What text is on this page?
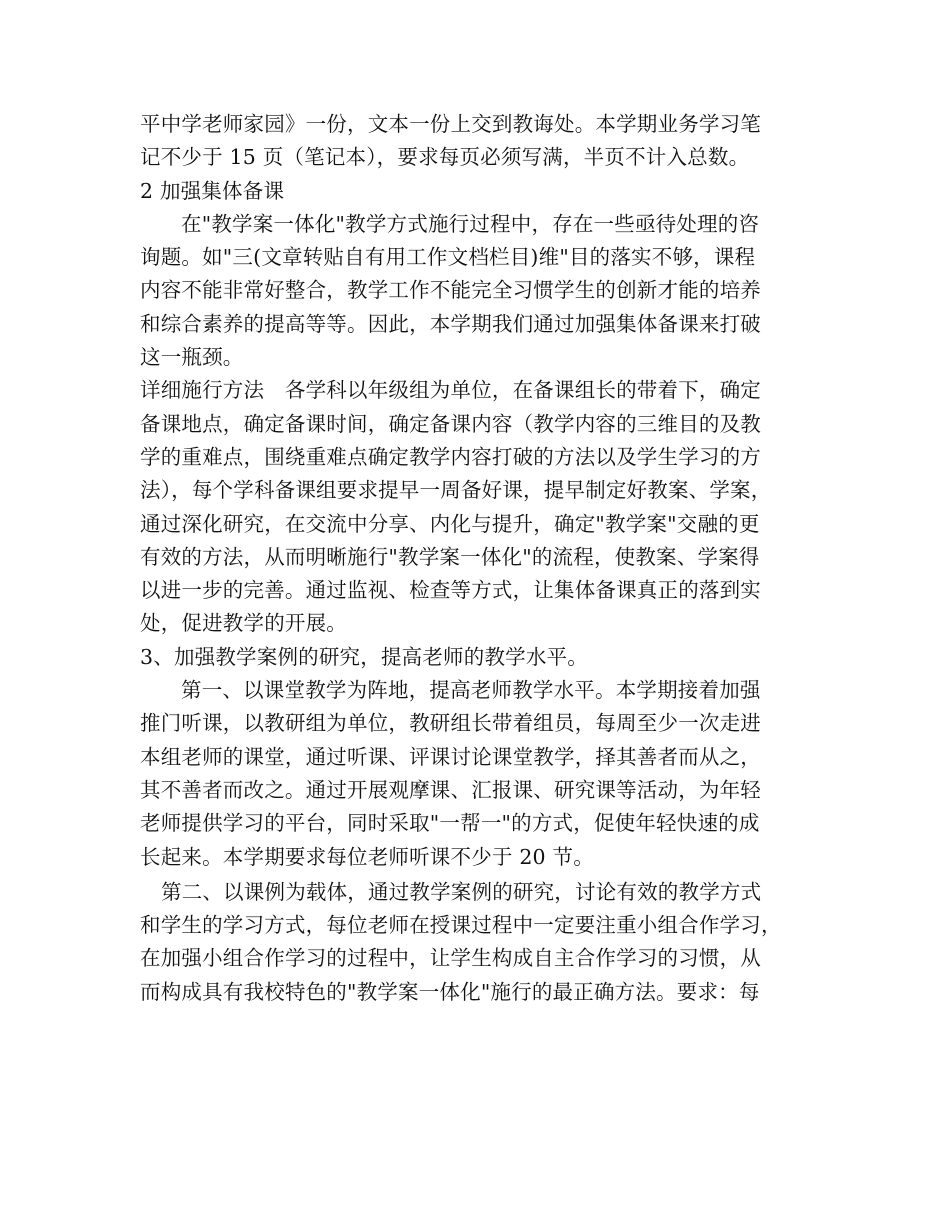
平中学老师家园》一份，文本一份上交到教诲处。本学期业务学习笔
记不少于 15 页（笔记本），要求每页必须写满，半页不计入总数。
2 加强集体备课
在"教学案一体化"教学方式施行过程中，存在一些亟待处理的咨
询题。如"三(文章转贴自有用工作文档栏目)维"目的落实不够，课程
内容不能非常好整合，教学工作不能完全习惯学生的创新才能的培养
和综合素养的提高等等。因此，本学期我们通过加强集体备课来打破
这一瓶颈。
详细施行方法　各学科以年级组为单位，在备课组长的带着下，确定
备课地点，确定备课时间，确定备课内容（教学内容的三维目的及教
学的重难点，围绕重难点确定教学内容打破的方法以及学生学习的方
法），每个学科备课组要求提早一周备好课，提早制定好教案、学案，
通过深化研究，在交流中分享、内化与提升，确定"教学案"交融的更
有效的方法，从而明晰施行"教学案一体化"的流程，使教案、学案得
以进一步的完善。通过监视、检查等方式，让集体备课真正的落到实
处，促进教学的开展。
3、加强教学案例的研究，提高老师的教学水平。
第一、以课堂教学为阵地，提高老师教学水平。本学期接着加强
推门听课，以教研组为单位，教研组长带着组员，每周至少一次走进
本组老师的课堂，通过听课、评课讨论课堂教学，择其善者而从之，
其不善者而改之。通过开展观摩课、汇报课、研究课等活动，为年轻
老师提供学习的平台，同时采取"一帮一"的方式，促使年轻快速的成
长起来。本学期要求每位老师听课不少于 20 节。
第二、以课例为载体，通过教学案例的研究，讨论有效的教学方式
和学生的学习方式，每位老师在授课过程中一定要注重小组合作学习，
在加强小组合作学习的过程中，让学生构成自主合作学习的习惯，从
而构成具有我校特色的"教学案一体化"施行的最正确方法。要求：每
